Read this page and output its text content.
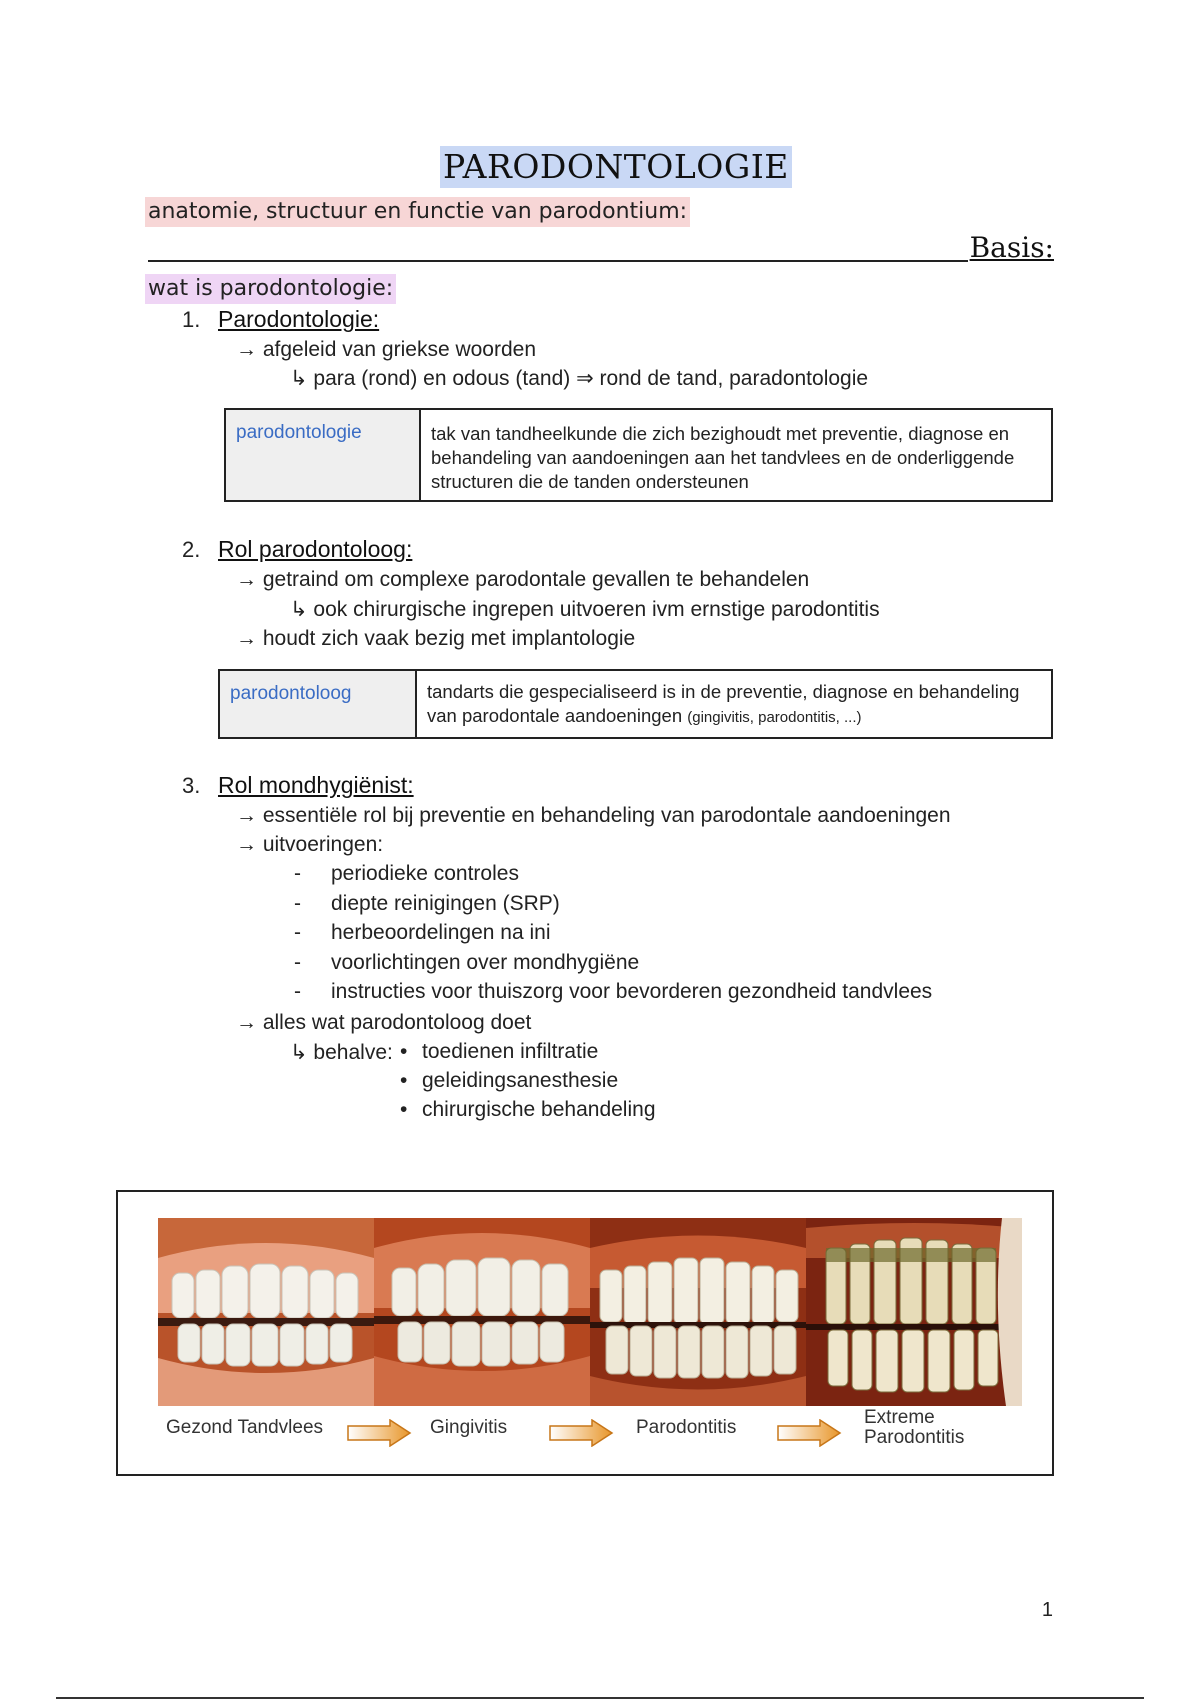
PARODONTOLOGIE
anatomie, structuur en functie van parodontium:
Basis:
wat is parodontologie:
1. Parodontologie:
→ afgeleid van griekse woorden
↳ para (rond) en odous (tand) ⇒ rond de tand, paradontologie
parodontologie	tak van tandheelkunde die zich bezighoudt met preventie, diagnose en behandeling van aandoeningen aan het tandvlees en de onderliggende structuren die de tanden ondersteunen
2. Rol parodontoloog:
→ getraind om complexe parodontale gevallen te behandelen
↳ ook chirurgische ingrepen uitvoeren ivm ernstige parodontitis
→ houdt zich vaak bezig met implantologie
parodontoloog	tandarts die gespecialiseerd is in de preventie, diagnose en behandeling van parodontale aandoeningen (gingivitis, parodontitis, ...)
3. Rol mondhygiënist:
→ essentiële rol bij preventie en behandeling van parodontale aandoeningen
→ uitvoeringen:
- periodieke controles
- diepte reinigingen (SRP)
- herbeoordelingen na ini
- voorlichtingen over mondhygiëne
- instructies voor thuiszorg voor bevorderen gezondheid tandvlees
→ alles wat parodontoloog doet
↳ behalve: • toedienen infiltratie
• geleidingsanesthesie
• chirurgische behandeling
Gezond Tandvlees	Gingivitis	Parodontitis	Extreme Parodontitis
1
